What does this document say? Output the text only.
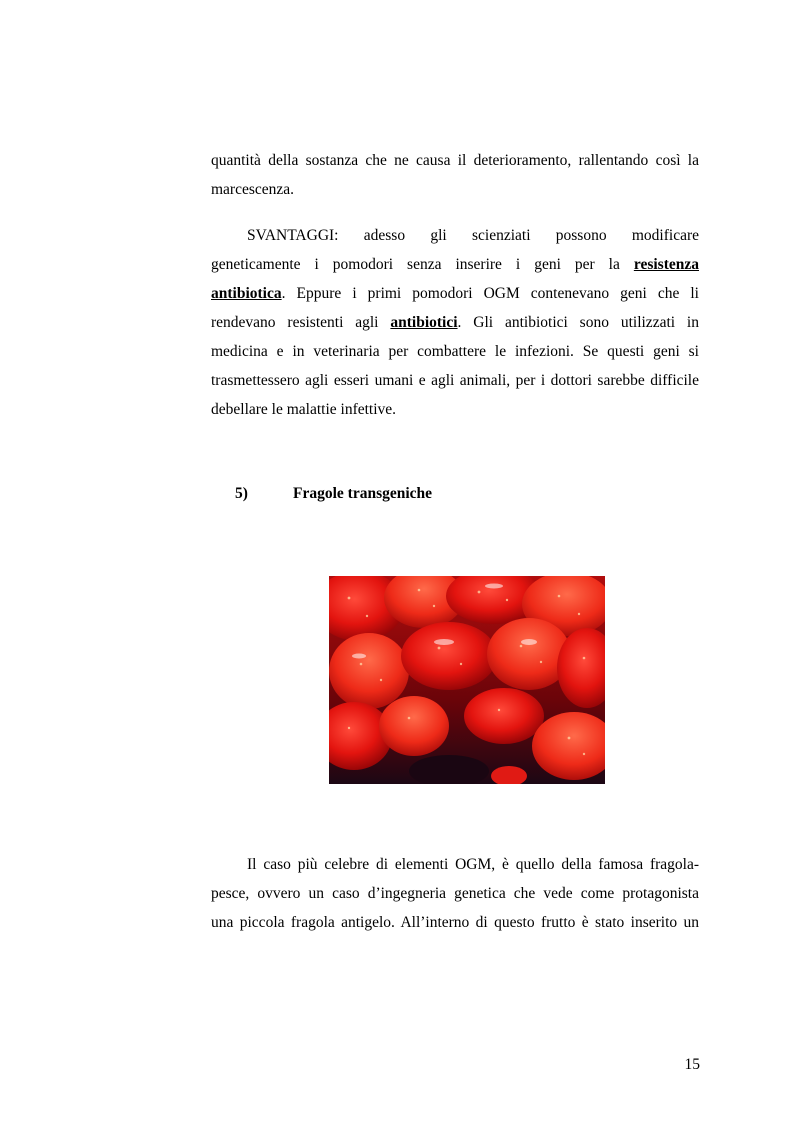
quantità della sostanza che ne causa il deterioramento, rallentando così la
marcescenza.

SVANTAGGI: adesso gli scienziati possono modificare
geneticamente i pomodori senza inserire i geni per la resistenza
antibiotica. Eppure i primi pomodori OGM contenevano geni che li
rendevano resistenti agli antibiotici. Gli antibiotici sono utilizzati in
medicina e in veterinaria per combattere le infezioni. Se questi geni si
trasmettessero agli esseri umani e agli animali, per i dottori sarebbe difficile
debellare le malattie infettive.

5)	Fragole transgeniche

Il caso più celebre di elementi OGM, è quello della famosa fragola-
pesce, ovvero un caso d’ingegneria genetica che vede come protagonista
una piccola fragola antigelo. All’interno di questo frutto è stato inserito un

15
